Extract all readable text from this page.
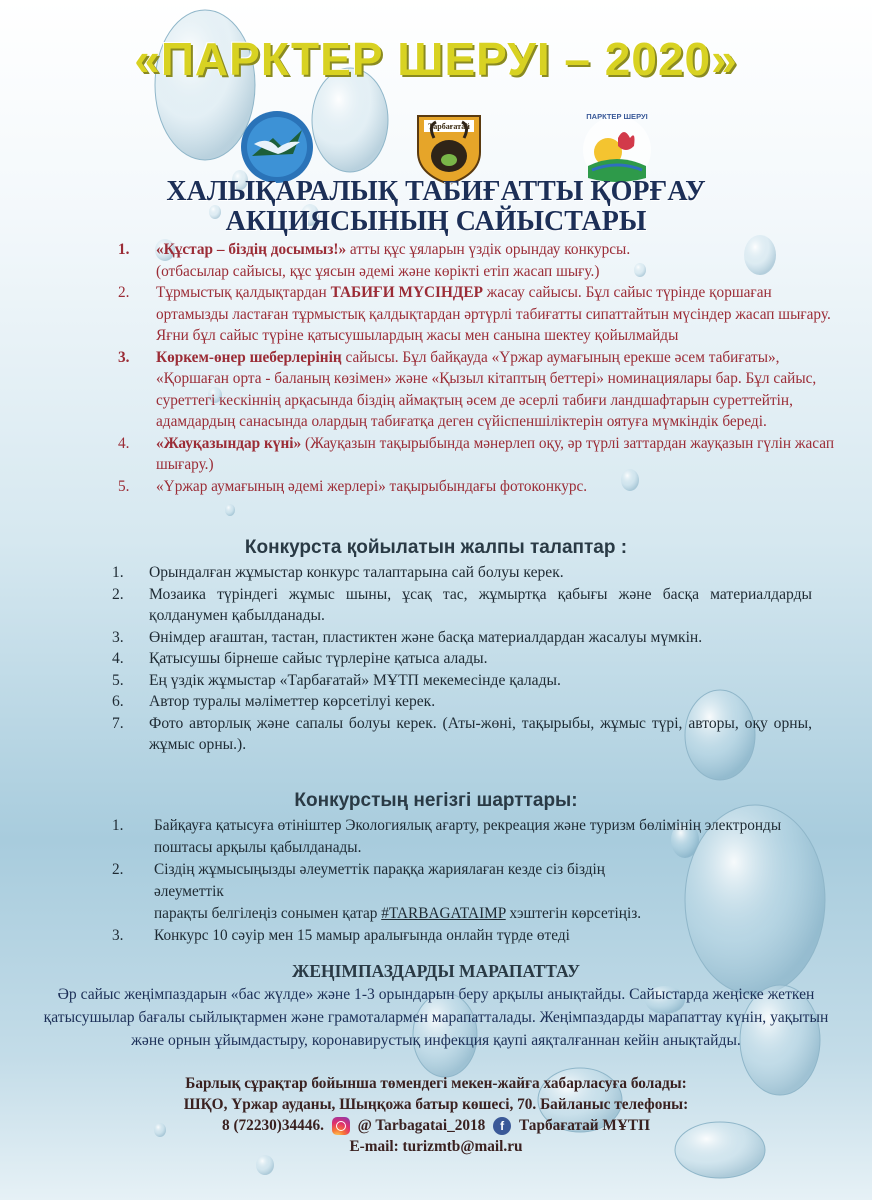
«ПАРКТЕР ШЕРУІ – 2020»
Тарбағатай
ПАРКТЕР ШЕРУІ
ХАЛЫҚАРАЛЫҚ ТАБИҒАТТЫ ҚОРҒАУ
АКЦИЯСЫНЫҢ САЙЫСТАРЫ
1. «Құстар – біздің досымыз!» атты құс ұяларын үздік орындау конкурсы.
(отбасылар сайысы, құс ұясын әдемі және көрікті етіп жасап шығу.)
2. Тұрмыстық қалдықтардан ТАБИҒИ МҮСІНДЕР жасау сайысы. Бұл сайыс түрінде қоршаған ортамызды ластаған тұрмыстық қалдықтардан әртүрлі табиғатты сипаттайтын мүсіндер жасап шығару. Яғни бұл сайыс түріне қатысушылардың жасы мен санына шектеу қойылмайды
3. Көркем-өнер шеберлерінің сайысы. Бұл байқауда «Үржар аумағының ерекше әсем табиғаты», «Қоршаған орта - баланың көзімен» және «Қызыл кітаптың беттері» номинациялары бар. Бұл сайыс, суреттегі кескіннің арқасында біздің аймақтың әсем де әсерлі табиғи ландшафтарын суреттейтін, адамдардың санасында олардың табиғатқа деген сүйіспеншіліктерін оятуға мүмкіндік береді.
4. «Жауқазындар күні» (Жауқазын тақырыбында мәнерлеп оқу, әр түрлі заттардан жауқазын гүлін жасап шығару.)
5. «Үржар аумағының әдемі жерлері» тақырыбындағы фотоконкурс.
Конкурста қойылатын жалпы талаптар :
1. Орындалған жұмыстар конкурс талаптарына сай болуы керек.
2. Мозаика түріндегі жұмыс шыны, ұсақ тас, жұмыртқа қабығы және басқа материалдарды қолданумен қабылданады.
3. Өнімдер ағаштан, тастан, пластиктен және басқа материалдардан жасалуы мүмкін.
4. Қатысушы бірнеше сайыс түрлеріне қатыса алады.
5. Ең үздік жұмыстар «Тарбағатай» МҰТП мекемесінде қалады.
6. Автор туралы мәліметтер көрсетілуі керек.
7. Фото авторлық және сапалы болуы керек. (Аты-жөні, тақырыбы, жұмыс түрі, авторы, оқу орны, жұмыс орны.).
Конкурстың негізгі шарттары:
1. Байқауға қатысуға өтініштер Экологиялық ағарту, рекреация және туризм бөлімінің электронды поштасы арқылы қабылданады.
2. Сіздің жұмысыңызды әлеуметтік параққа жариялаған кезде сіз біздің
әлеуметтік
парақты белгілеңіз сонымен қатар #TARBAGATAIMP хэштегін көрсетіңіз.
3. Конкурс 10 сәуір мен 15 мамыр аралығында онлайн түрде өтеді
ЖЕҢІМПАЗДАРДЫ МАРАПАТТАУ
Әр сайыс жеңімпаздарын «бас жүлде» және 1-3 орындарын беру арқылы анықтайды. Сайыстарда жеңіске жеткен қатысушылар бағалы сыйлықтармен және грамоталармен марапатталады. Жеңімпаздарды марапаттау күнін, уақытын және орнын ұйымдастыру, коронавирустық инфекция қаупі аяқталғаннан кейін анықтайды.
Барлық сұрақтар бойынша төмендегі мекен-жайға хабарласуға болады:
ШҚО, Үржар ауданы, Шыңқожа батыр көшесі, 70. Байланыс телефоны:
8 (72230)34446. @ Tarbagatai_2018 f Тарбағатай МҰТП
E-mail: turizmtb@mail.ru
